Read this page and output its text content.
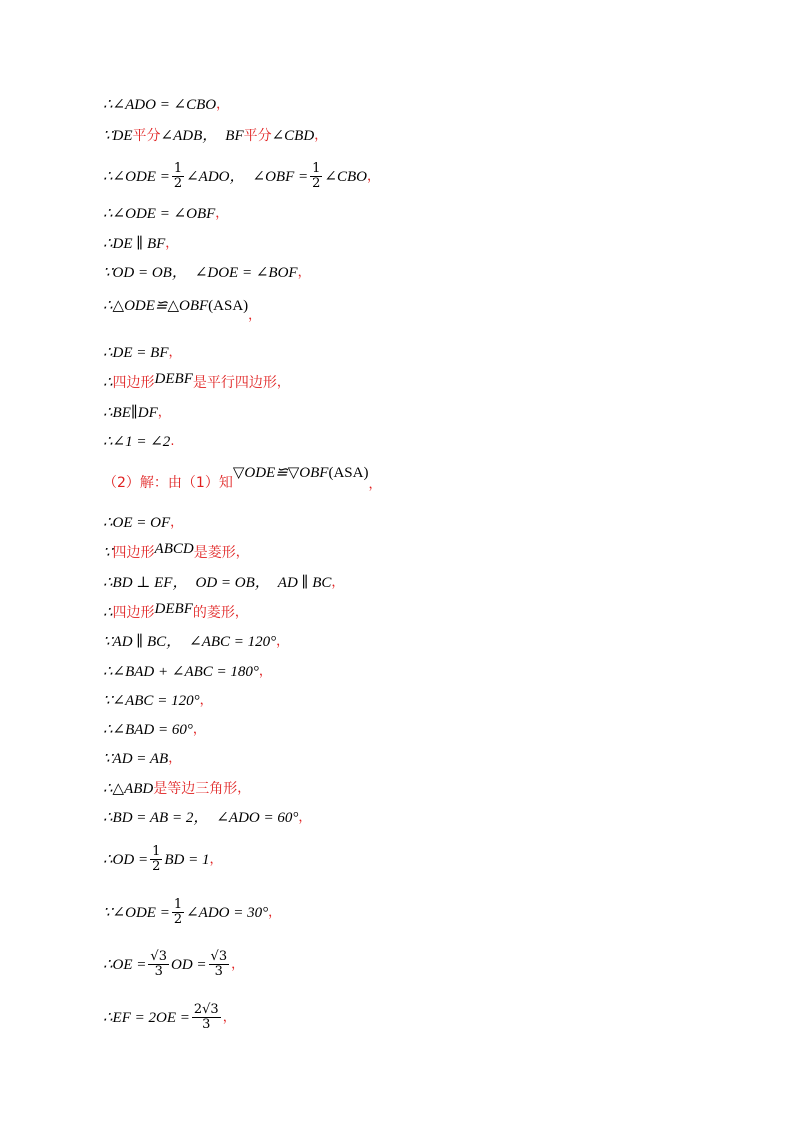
∴∠ADO = ∠CBO ，
∵DE 平分 ∠ADB， BF 平分 ∠CBD ，
∴∠ODE = $\frac{1}{2}$ ∠ADO， ∠OBF = $\frac{1}{2}$ ∠CBO ，
∴∠ODE = ∠OBF ，
∴DE ∥ BF ，
∵OD = OB， ∠DOE = ∠BOF ，
∴△ODE≌△OBF (ASA)
，
∴DE = BF ，
∴ 四边形 DEBF 是平行四边形 ，
∴BE∥DF ，
∴∠1 = ∠2 .
（2）解：由（1）知
▽ODE≌▽OBF (ASA)
，
∴OE = OF ，
∵ 四边形 ABCD 是菱形 ，
∴BD ⊥ EF， OD = OB， AD ∥ BC ，
∴ 四边形 DEBF 的菱形 ，
∵AD ∥ BC， ∠ABC = 120° ，
∴∠BAD + ∠ABC = 180° ，
∵∠ABC = 120° ，
∴∠BAD = 60° ，
∵AD = AB ，
∴△ABD 是等边三角形 ，
∴BD = AB = 2， ∠ADO = 60° ，
∴OD = $\frac{1}{2}$ BD = 1 ，
∵∠ODE = $\frac{1}{2}$ ∠ADO = 30° ，
∴OE = $\frac{√3}{3}$ OD = $\frac{√3}{3}$ ，
∴EF = $2OE = \frac{2√3}{3}$ ，
